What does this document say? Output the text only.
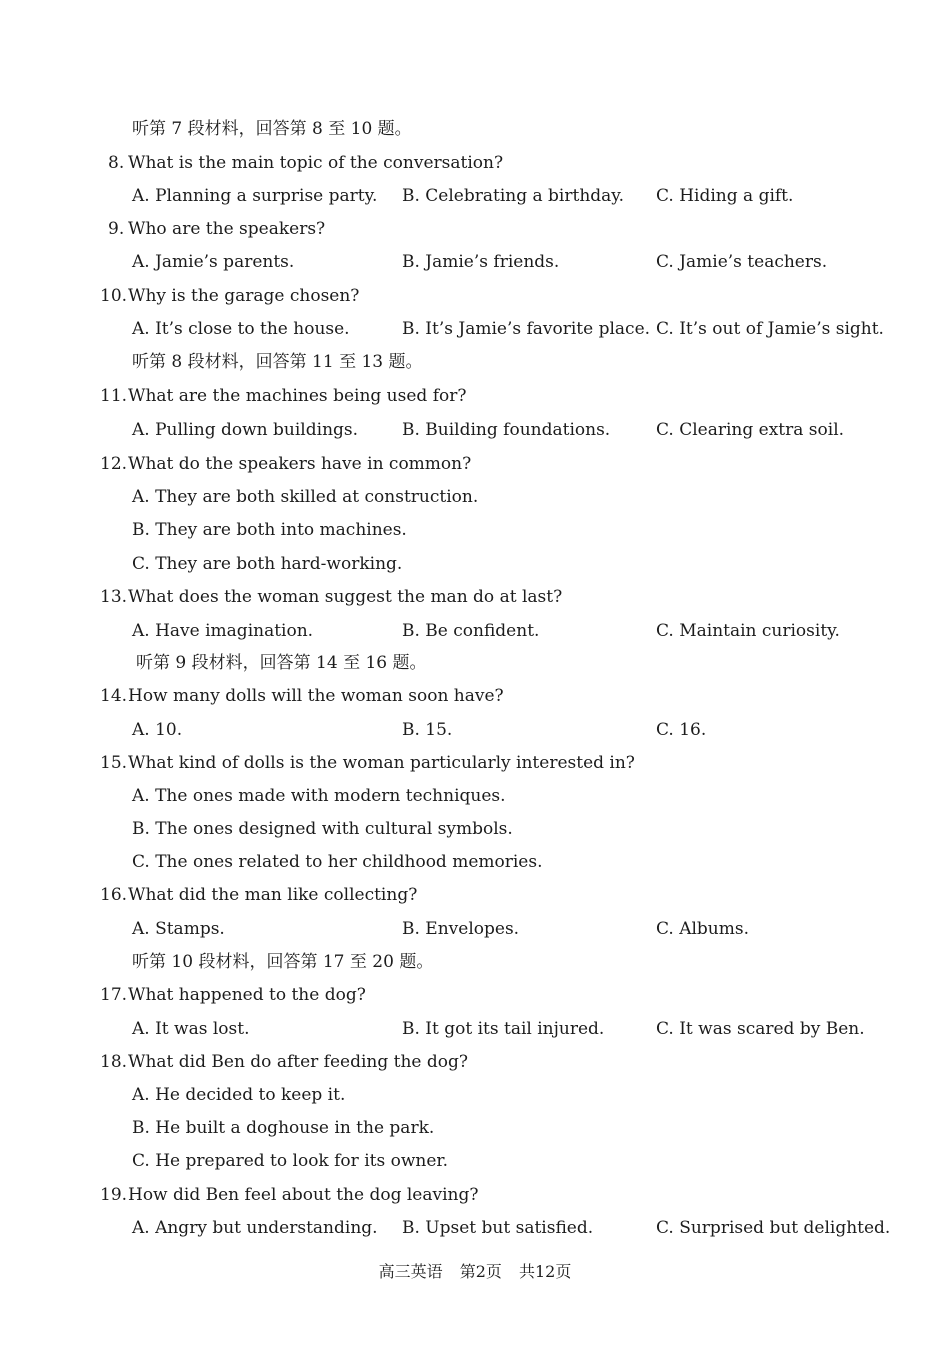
听第 7 段材料，回答第 8 至 10 题。
8. What is the main topic of the conversation?
A. Planning a surprise party. B. Celebrating a birthday. C. Hiding a gift.
9. Who are the speakers?
A. Jamie’s parents.	B. Jamie’s friends.	C. Jamie’s teachers.
10. Why is the garage chosen?
A. It’s close to the house.	B. It’s Jamie’s favorite place. C. It’s out of Jamie’s sight.
听第 8 段材料，回答第 11 至 13 题。
11. What are the machines being used for?
A. Pulling down buildings.	B. Building foundations.	C. Clearing extra soil.
12. What do the speakers have in common?
A. They are both skilled at construction.
B. They are both into machines.
C. They are both hard-working.
13. What does the woman suggest the man do at last?
A. Have imagination.	B. Be confident.	C. Maintain curiosity.
听第 9 段材料，回答第 14 至 16 题。
14. How many dolls will the woman soon have?
A. 10.	B. 15.	C. 16.
15. What kind of dolls is the woman particularly interested in?
A. The ones made with modern techniques.
B. The ones designed with cultural symbols.
C. The ones related to her childhood memories.
16. What did the man like collecting?
A. Stamps.	B. Envelopes.	C. Albums.
听第 10 段材料，回答第 17 至 20 题。
17. What happened to the dog?
A. It was lost.	B. It got its tail injured.	C. It was scared by Ben.
18. What did Ben do after feeding the dog?
A. He decided to keep it.
B. He built a doghouse in the park.
C. He prepared to look for its owner.
19. How did Ben feel about the dog leaving?
A. Angry but understanding. B. Upset but satisfied.	C. Surprised but delighted.
高三英语 第2页 共12页
